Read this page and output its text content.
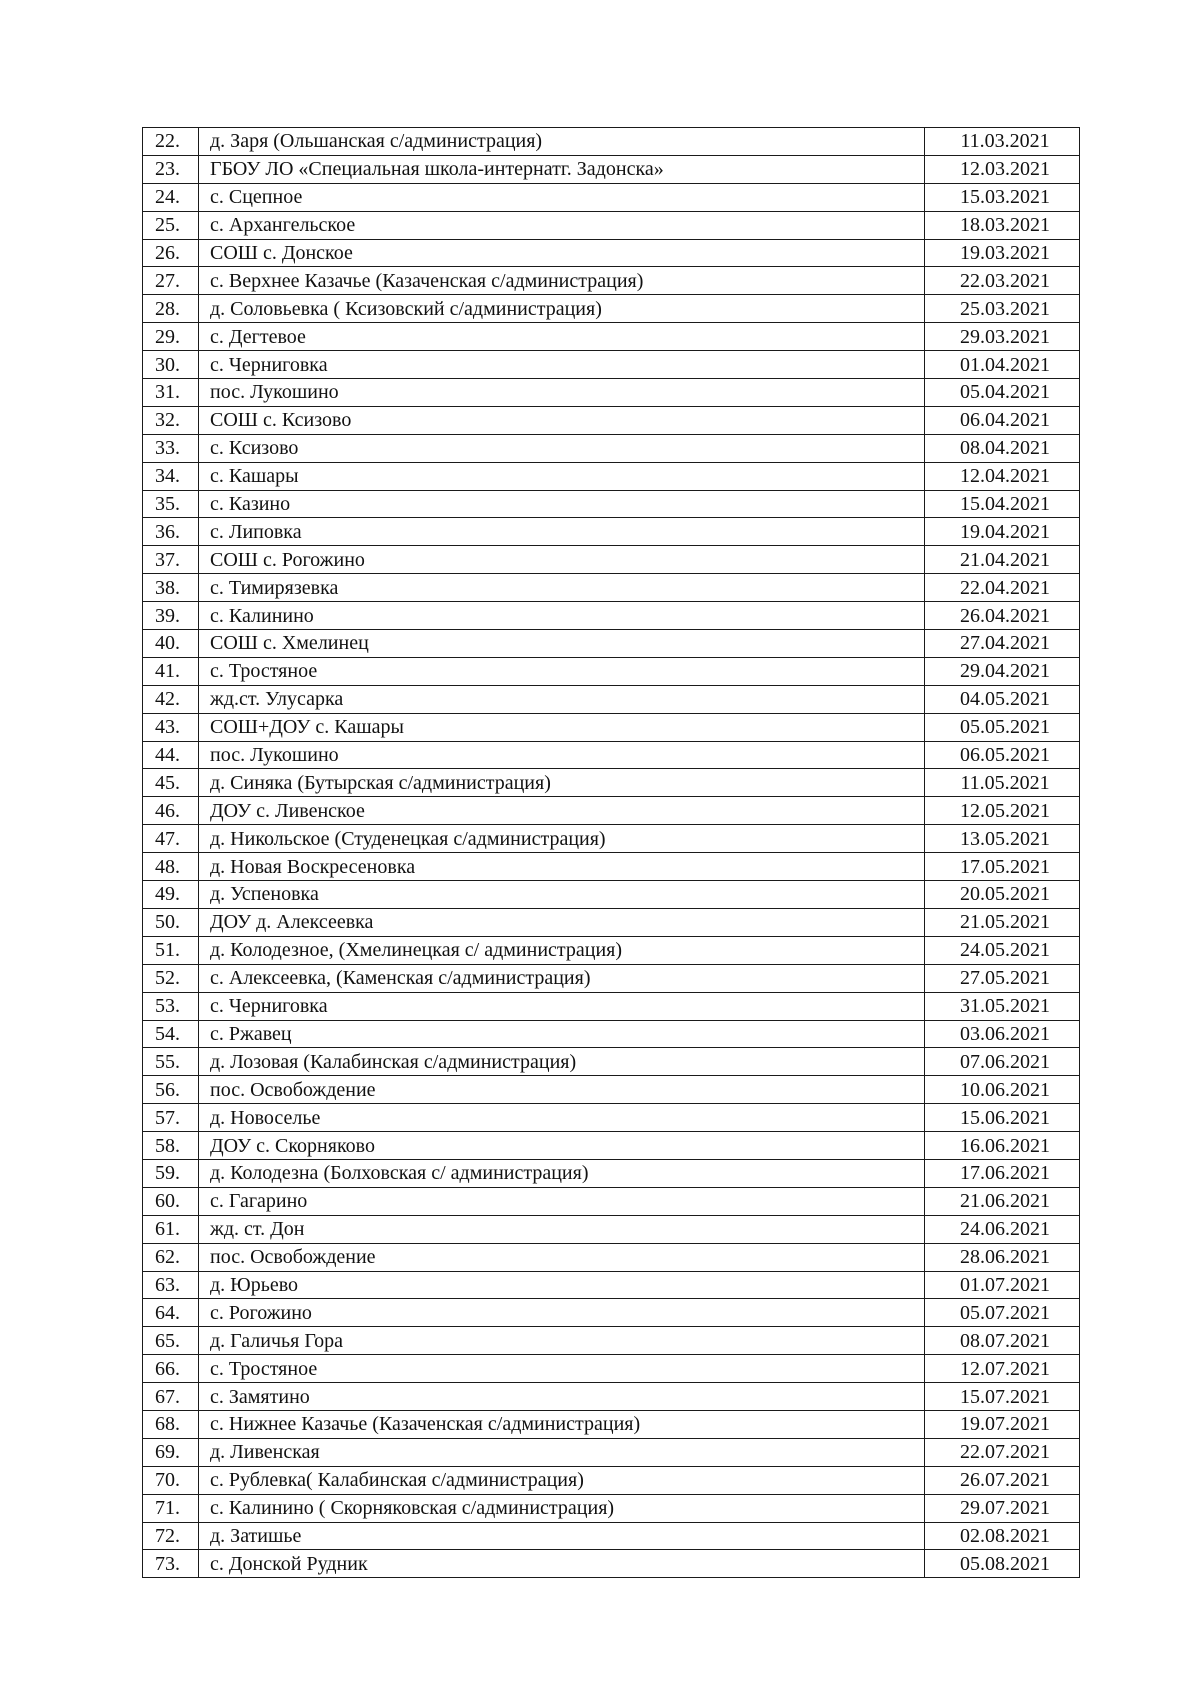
22.	д. Заря (Ольшанская с/администрация)	11.03.2021
23.	ГБОУ ЛО «Специальная школа-интернатг. Задонска»	12.03.2021
24.	с. Сцепное	15.03.2021
25.	с. Архангельское	18.03.2021
26.	СОШ с. Донское	19.03.2021
27.	с. Верхнее Казачье (Казаченская с/администрация)	22.03.2021
28.	д. Соловьевка ( Ксизовский с/администрация)	25.03.2021
29.	с. Дегтевое	29.03.2021
30.	с. Черниговка	01.04.2021
31.	пос. Лукошино	05.04.2021
32.	СОШ с. Ксизово	06.04.2021
33.	с. Ксизово	08.04.2021
34.	с. Кашары	12.04.2021
35.	с. Казино	15.04.2021
36.	с. Липовка	19.04.2021
37.	СОШ с. Рогожино	21.04.2021
38.	с. Тимирязевка	22.04.2021
39.	с. Калинино	26.04.2021
40.	СОШ с. Хмелинец	27.04.2021
41.	с. Тростяное	29.04.2021
42.	жд.ст. Улусарка	04.05.2021
43.	СОШ+ДОУ с. Кашары	05.05.2021
44.	пос. Лукошино	06.05.2021
45.	д. Синяка (Бутырская с/администрация)	11.05.2021
46.	ДОУ с. Ливенское	12.05.2021
47.	д. Никольское (Студенецкая с/администрация)	13.05.2021
48.	д. Новая Воскресеновка	17.05.2021
49.	д. Успеновка	20.05.2021
50.	ДОУ д. Алексеевка	21.05.2021
51.	д. Колодезное, (Хмелинецкая с/ администрация)	24.05.2021
52.	с. Алексеевка, (Каменская с/администрация)	27.05.2021
53.	с. Черниговка	31.05.2021
54.	с. Ржавец	03.06.2021
55.	д. Лозовая (Калабинская с/администрация)	07.06.2021
56.	пос. Освобождение	10.06.2021
57.	д. Новоселье	15.06.2021
58.	ДОУ с. Скорняково	16.06.2021
59.	д. Колодезна (Болховская с/ администрация)	17.06.2021
60.	с. Гагарино	21.06.2021
61.	жд. ст. Дон	24.06.2021
62.	пос. Освобождение	28.06.2021
63.	д. Юрьево	01.07.2021
64.	с. Рогожино	05.07.2021
65.	д. Галичья Гора	08.07.2021
66.	с. Тростяное	12.07.2021
67.	с. Замятино	15.07.2021
68.	с. Нижнее Казачье (Казаченская с/администрация)	19.07.2021
69.	д. Ливенская	22.07.2021
70.	с. Рублевка( Калабинская с/администрация)	26.07.2021
71.	с. Калинино ( Скорняковская с/администрация)	29.07.2021
72.	д. Затишье	02.08.2021
73.	с. Донской Рудник	05.08.2021
